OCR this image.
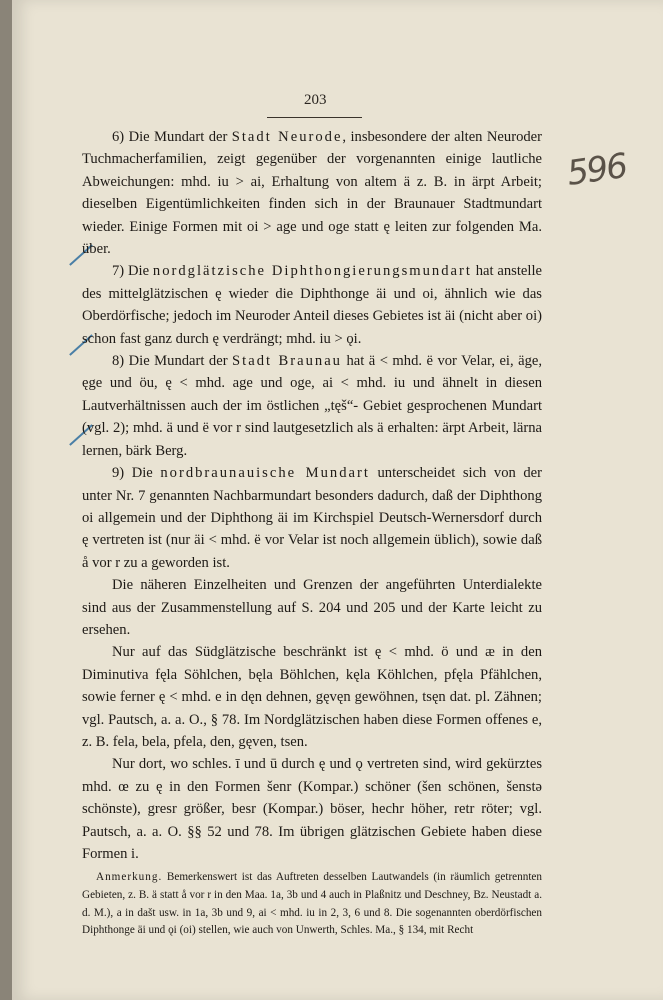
203
596

6) Die Mundart der Stadt Neurode, insbesondere der alten Neuroder Tuchmacherfamilien, zeigt gegenüber der vorgenannten einige lautliche Abweichungen: mhd. iu > ai, Erhaltung von altem ä z. B. in ärpt Arbeit; dieselben Eigentümlichkeiten finden sich in der Braunauer Stadtmundart wieder. Einige Formen mit oi > age und oge statt ę leiten zur folgenden Ma. über.

7) Die nordglätzische Diphthongierungsmundart hat anstelle des mittelglätzischen ę wieder die Diphthonge äi und oi, ähnlich wie das Oberdörfische; jedoch im Neuroder Anteil dieses Gebietes ist äi (nicht aber oi) schon fast ganz durch ę verdrängt; mhd. iu > ǫi.

8) Die Mundart der Stadt Braunau hat ä < mhd. ë vor Velar, ei, äge, ęge und öu, ę < mhd. age und oge, ai < mhd. iu und ähnelt in diesen Lautverhältnissen auch der im östlichen „tęš“- Gebiet gesprochenen Mundart (vgl. 2); mhd. ä und ë vor r sind lautgesetzlich als ä erhalten: ärpt Arbeit, lärna lernen, bärk Berg.

9) Die nordbraunauische Mundart unterscheidet sich von der unter Nr. 7 genannten Nachbarmundart besonders dadurch, daß der Diphthong oi allgemein und der Diphthong äi im Kirchspiel Deutsch-Wernersdorf durch ę vertreten ist (nur äi < mhd. ë vor Velar ist noch allgemein üblich), sowie daß å vor r zu a geworden ist.

Die näheren Einzelheiten und Grenzen der angeführten Unterdialekte sind aus der Zusammenstellung auf S. 204 und 205 und der Karte leicht zu ersehen.

Nur auf das Südglätzische beschränkt ist ę < mhd. ö und æ in den Diminutiva fęla Söhlchen, bęla Böhlchen, kęla Köhlchen, pfęla Pfählchen, sowie ferner ę < mhd. e in dęn dehnen, gęvęn gewöhnen, tsęn dat. pl. Zähnen; vgl. Pautsch, a. a. O., § 78. Im Nordglätzischen haben diese Formen offenes e, z. B. fela, bela, pfela, den, gęven, tsen.

Nur dort, wo schles. ī und ū durch ę und ǫ vertreten sind, wird gekürztes mhd. œ zu ę in den Formen šenr (Kompar.) schöner (šen schönen, šenstә schönste), gresr größer, besr (Kompar.) böser, hechr höher, retr röter; vgl. Pautsch, a. a. O. §§ 52 und 78. Im übrigen glätzischen Gebiete haben diese Formen i.

Anmerkung. Bemerkenswert ist das Auftreten desselben Lautwandels (in räumlich getrennten Gebieten, z. B. ä statt å vor r in den Maa. 1a, 3b und 4 auch in Plaßnitz und Deschney, Bz. Neustadt a. d. M.), a in dašt usw. in 1a, 3b und 9, ai < mhd. iu in 2, 3, 6 und 8. Die sogenannten oberdörfischen Diphthonge äi und ǫi (oi) stellen, wie auch von Unwerth, Schles. Ma., § 134, mit Recht
